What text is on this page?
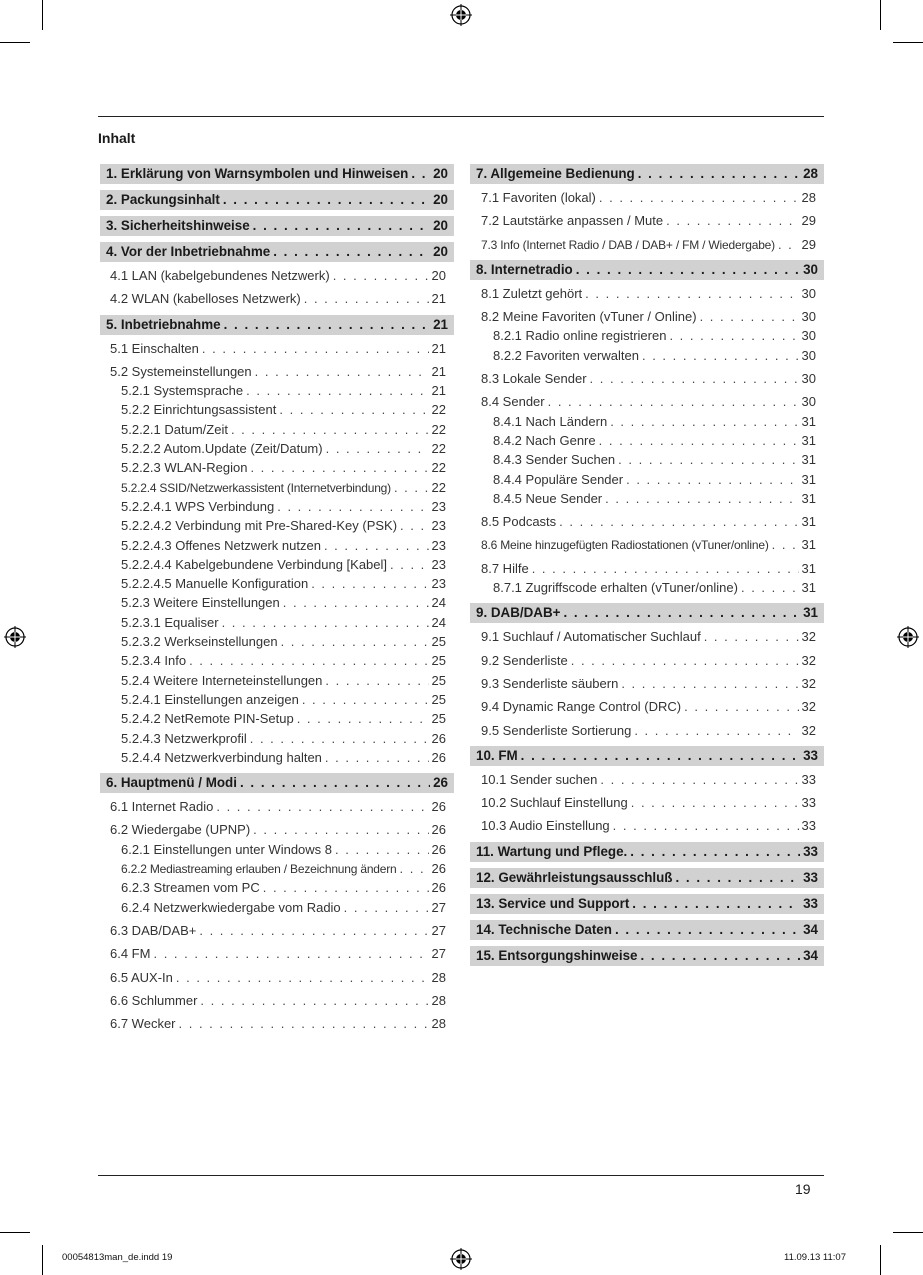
Inhalt
1. Erklärung von Warnsymbolen und Hinweisen . . . 20
2. Packungsinhalt . . .	20
3. Sicherheitshinweise . . .	20
4. Vor der Inbetriebnahme . . .	20
4.1 LAN (kabelgebundenes Netzwerk) . . .	20
4.2 WLAN (kabelloses Netzwerk) . . .	21
5. Inbetriebnahme . . .	21
5.1 Einschalten . . .	21
5.2 Systemeinstellungen . . .	21
5.2.1 Systemsprache . . .	21
5.2.2 Einrichtungsassistent . . .	22
5.2.2.1 Datum/Zeit . . .	22
5.2.2.2 Autom.Update (Zeit/Datum) . . .	22
5.2.2.3 WLAN-Region . . .	22
5.2.2.4 SSID/Netzwerkassistent (Internetverbindung) . . .	22
5.2.2.4.1 WPS Verbindung . . .	23
5.2.2.4.2 Verbindung mit Pre-Shared-Key (PSK) . . .	23
5.2.2.4.3 Offenes Netzwerk nutzen . . .	23
5.2.2.4.4 Kabelgebundene Verbindung [Kabel] . . .	23
5.2.2.4.5 Manuelle Konfiguration . . .	23
5.2.3 Weitere Einstellungen . . .	24
5.2.3.1 Equaliser . . .	24
5.2.3.2 Werkseinstellungen . . .	25
5.2.3.4 Info . . .	25
5.2.4 Weitere Interneteinstellungen . . .	25
5.2.4.1 Einstellungen anzeigen . . .	25
5.2.4.2 NetRemote PIN-Setup . . .	25
5.2.4.3 Netzwerkprofil . . .	26
5.2.4.4 Netzwerkverbindung halten . . .	26
6. Hauptmenü / Modi . . .	26
6.1 Internet Radio . . .	26
6.2 Wiedergabe (UPNP) . . .	26
6.2.1 Einstellungen unter Windows 8 . . .	26
6.2.2 Mediastreaming erlauben / Bezeichnung ändern . . .	26
6.2.3 Streamen vom PC . . .	26
6.2.4 Netzwerkwiedergabe vom Radio . . .	27
6.3 DAB/DAB+ . . .	27
6.4 FM . . .	27
6.5 AUX-In . . .	28
6.6 Schlummer . . .	28
6.7 Wecker . . .	28
7. Allgemeine Bedienung . . .	28
7.1 Favoriten (lokal) . . .	28
7.2 Lautstärke anpassen / Mute . . .	29
7.3 Info (Internet Radio / DAB / DAB+ / FM / Wiedergabe) . . . 29
8. Internetradio . . .	30
8.1 Zuletzt gehört . . .	30
8.2 Meine Favoriten (vTuner / Online) . . .	30
8.2.1 Radio online registrieren . . .	30
8.2.2 Favoriten verwalten . . .	30
8.3 Lokale Sender . . .	30
8.4 Sender . . .	30
8.4.1 Nach Ländern . . .	31
8.4.2 Nach Genre . . .	31
8.4.3 Sender Suchen . . .	31
8.4.4 Populäre Sender . . .	31
8.4.5 Neue Sender . . .	31
8.5 Podcasts . . .	31
8.6 Meine hinzugefügten Radiostationen (vTuner/online) . . .	31
8.7 Hilfe . . .	31
8.7.1 Zugriffscode erhalten (vTuner/online) . . .	31
9. DAB/DAB+ . . .	31
9.1 Suchlauf / Automatischer Suchlauf . . .	32
9.2 Senderliste . . .	32
9.3 Senderliste säubern . . .	32
9.4 Dynamic Range Control (DRC) . . .	32
9.5 Senderliste Sortierung . . .	32
10. FM . . .	33
10.1 Sender suchen . . .	33
10.2 Suchlauf Einstellung . . .	33
10.3 Audio Einstellung . . .	33
11. Wartung und Pflege. . . .	33
12. Gewährleistungsausschluß . . .	33
13. Service und Support . . .	33
14. Technische Daten . . .	34
15. Entsorgungshinweise . . .	34
19
00054813man_de.indd 19	11.09.13 11:07
